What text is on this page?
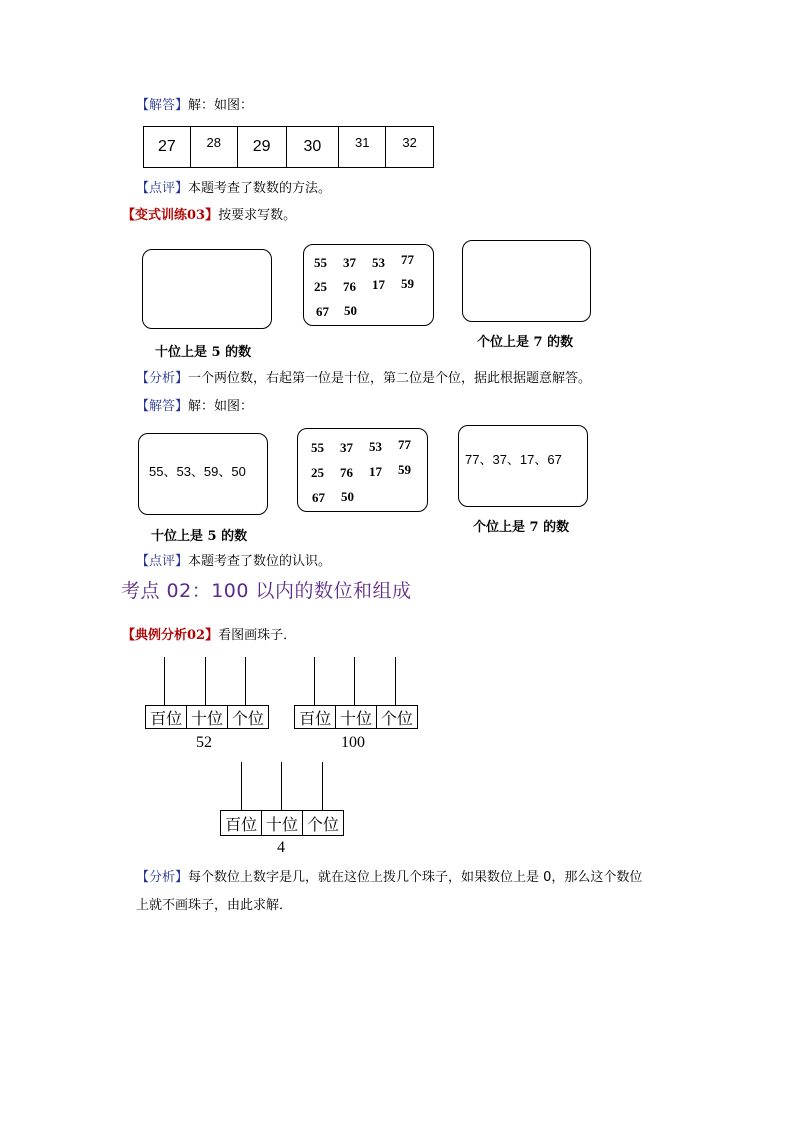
【解答】解：如图：
27	28	29	30	31	32
【点评】本题考查了数数的方法。
【变式训练03】按要求写数。
55 37 53 77
25 76 17 59
67 50
十位上是 5 的数
个位上是 7 的数
【分析】一个两位数，右起第一位是十位，第二位是个位，据此根据题意解答。
【解答】解：如图：
55、53、59、50
55 37 53 77
25 76 17 59
67 50
77、37、17、67
十位上是 5 的数
个位上是 7 的数
【点评】本题考查了数位的认识。
考点 02：100 以内的数位和组成
【典例分析02】看图画珠子．
百位 十位 个位
52
百位 十位 个位
100
百位 十位 个位
4
【分析】每个数位上数字是几，就在这位上拨几个珠子，如果数位上是 0，那么这个数位
上就不画珠子，由此求解．
